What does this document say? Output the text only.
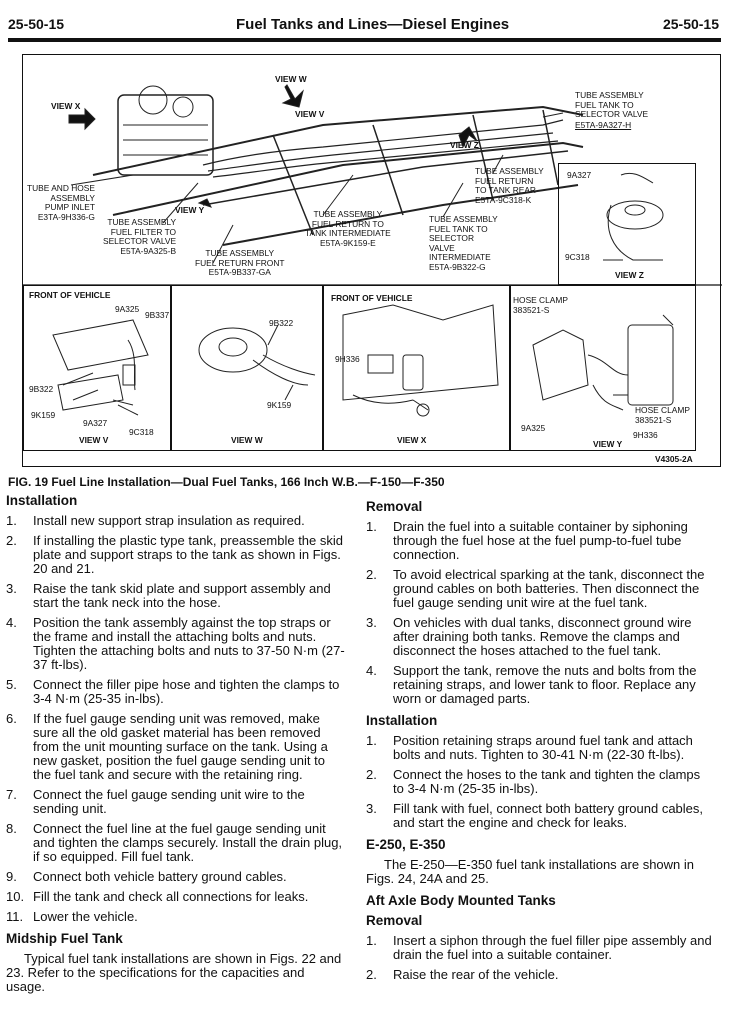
25-50-15	Fuel Tanks and Lines—Diesel Engines	25-50-15
VIEW W
VIEW X
VIEW V
VIEW Z
VIEW Y
TUBE ASSEMBLY
FUEL TANK TO
SELECTOR VALVE
E5TA-9A327-H
TUBE ASSEMBLY
FUEL RETURN
TO TANK REAR
E5TA-9C318-K
TUBE AND HOSE
ASSEMBLY
PUMP INLET
E3TA-9H336-G
TUBE ASSEMBLY
FUEL FILTER TO
SELECTOR VALVE
E5TA-9A325-B	TUBE ASSEMBLY
FUEL RETURN FRONT
E5TA-9B337-GA
TUBE ASSEMBLY
FUEL RETURN TO
TANK INTERMEDIATE
E5TA-9K159-E
TUBE ASSEMBLY
FUEL TANK TO
SELECTOR
VALVE
INTERMEDIATE
E5TA-9B322-G
9A327
9C318
VIEW Z
FRONT OF VEHICLE
9A325
9B337
9B322
9K159
9A327
9C318
VIEW V
9B322
9K159
VIEW W
FRONT OF VEHICLE
9H336
VIEW X
HOSE CLAMP
383521-S
HOSE CLAMP
383521-S
9H336
9A325
VIEW Y
V4305-2A
FIG. 19 Fuel Line Installation—Dual Fuel Tanks, 166 Inch W.B.—F-150—F-350
Installation
1. Install new support strap insulation as required.
2. If installing the plastic type tank, preassemble the skid plate and support straps to the tank as shown in Figs. 20 and 21.
3. Raise the tank skid plate and support assembly and start the tank neck into the hose.
4. Position the tank assembly against the top straps or the frame and install the attaching bolts and nuts. Tighten the attaching bolts and nuts to 37-50 N·m (27-37 ft-lbs).
5. Connect the filler pipe hose and tighten the clamps to 3-4 N·m (25-35 in-lbs).
6. If the fuel gauge sending unit was removed, make sure all the old gasket material has been removed from the unit mounting surface on the tank. Using a new gasket, position the fuel gauge sending unit to the fuel tank and secure with the retaining ring.
7. Connect the fuel gauge sending unit wire to the sending unit.
8. Connect the fuel line at the fuel gauge sending unit and tighten the clamps securely. Install the drain plug, if so equipped. Fill fuel tank.
9. Connect both vehicle battery ground cables.
10. Fill the tank and check all connections for leaks.
11. Lower the vehicle.
Midship Fuel Tank
Typical fuel tank installations are shown in Figs. 22 and 23. Refer to the specifications for the capacities and usage.
Removal
1. Drain the fuel into a suitable container by siphoning through the fuel hose at the fuel pump-to-fuel tube connection.
2. To avoid electrical sparking at the tank, disconnect the ground cables on both batteries. Then disconnect the fuel gauge sending unit wire at the fuel tank.
3. On vehicles with dual tanks, disconnect ground wire after draining both tanks. Remove the clamps and disconnect the hoses attached to the fuel tank.
4. Support the tank, remove the nuts and bolts from the retaining straps, and lower tank to floor. Replace any worn or damaged parts.
Installation
1. Position retaining straps around fuel tank and attach bolts and nuts. Tighten to 30-41 N·m (22-30 ft-lbs).
2. Connect the hoses to the tank and tighten the clamps to 3-4 N·m (25-35 in-lbs).
3. Fill tank with fuel, connect both battery ground cables, and start the engine and check for leaks.
E-250, E-350
The E-250—E-350 fuel tank installations are shown in Figs. 24, 24A and 25.
Aft Axle Body Mounted Tanks
Removal
1. Insert a siphon through the fuel filler pipe assembly and drain the fuel into a suitable container.
2. Raise the rear of the vehicle.
